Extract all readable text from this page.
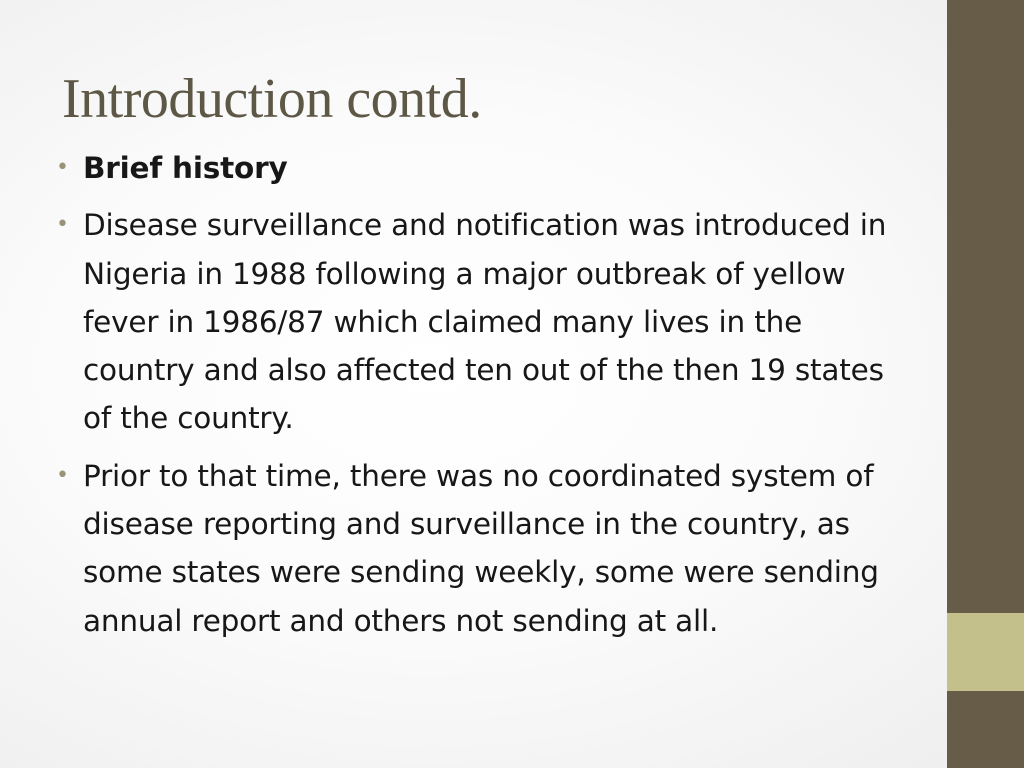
Introduction contd.
• Brief history
• Disease surveillance and notification was introduced in Nigeria in 1988 following a major outbreak of yellow fever in 1986/87 which claimed many lives in the country and also affected ten out of the then 19 states of the country.
• Prior to that time, there was no coordinated system of disease reporting and surveillance in the country, as some states were sending weekly, some were sending annual report and others not sending at all.
